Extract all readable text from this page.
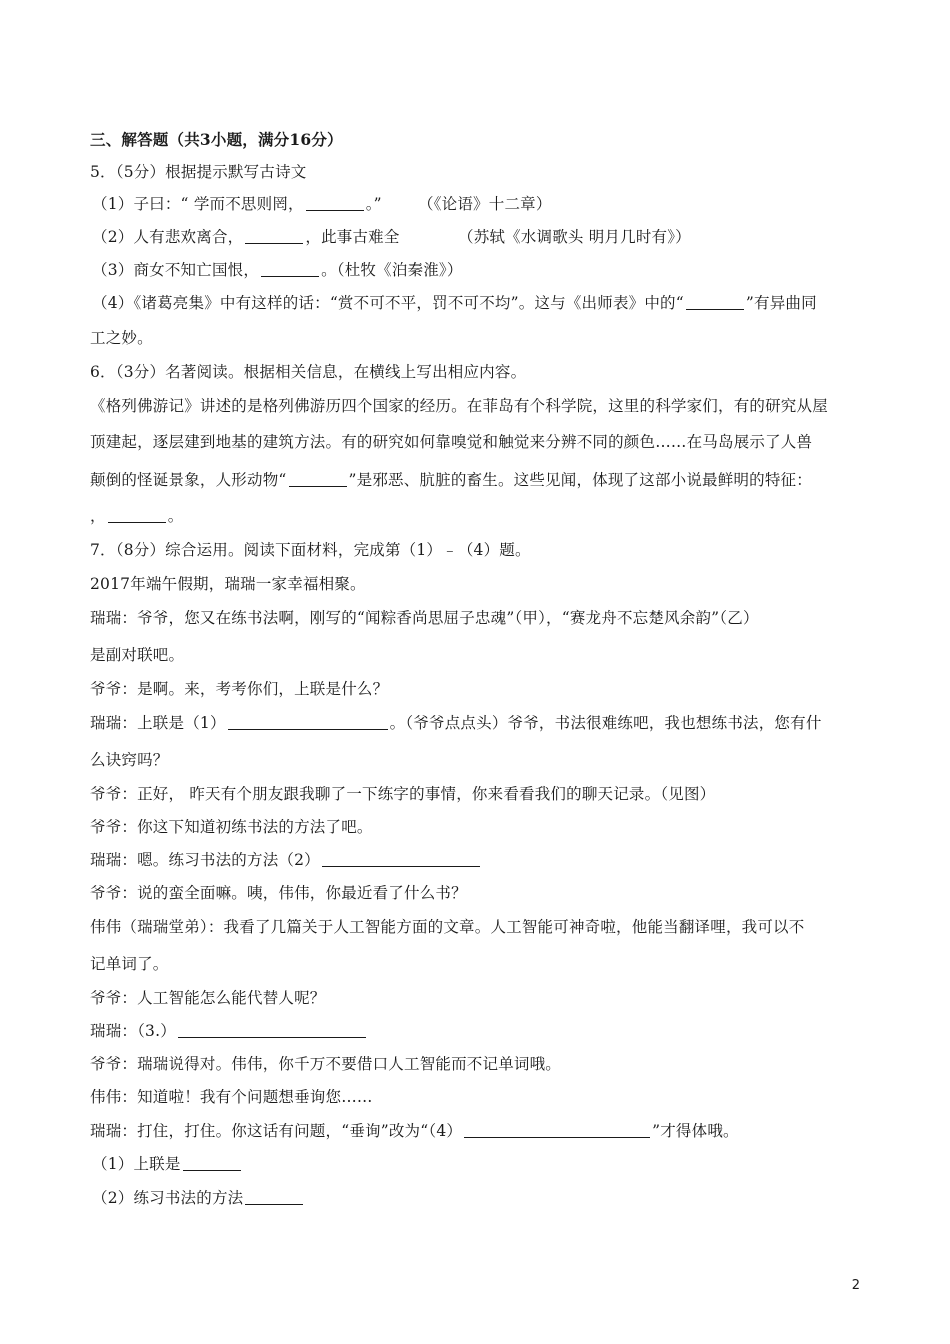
三、解答题（共3小题，满分16分）
5．（5分）根据提示默写古诗文
（1）子曰：“ 学而不思则罔，	。” （《论语》十二章）
（2）人有悲欢离合，	，此事古难全	（苏轼《水调歌头 明月几时有》）
（3）商女不知亡国恨，	。（杜牧《泊秦淮》）
（4）《诸葛亮集》中有这样的话：“赏不可不平，罚不可不均”。这与《出师表》中的“	”有异曲同
工之妙。
6．（3分）名著阅读。根据相关信息，在横线上写出相应内容。
《格列佛游记》讲述的是格列佛游历四个国家的经历。在菲岛有个科学院，这里的科学家们，有的研究从屋
顶建起，逐层建到地基的建筑方法。有的研究如何靠嗅觉和触觉来分辨不同的颜色……在马岛展示了人兽
颠倒的怪诞景象，人形动物“	”是邪恶、肮脏的畜生。这些见闻，体现了这部小说最鲜明的特征：
，	。
7．（8分）综合运用。阅读下面材料，完成第（1）﹣（4）题。
2017年端午假期，瑞瑞一家幸福相聚。
瑞瑞：爷爷，您又在练书法啊，刚写的“闻粽香尚思屈子忠魂”（甲），“赛龙舟不忘楚风余韵”（乙）
是副对联吧。
爷爷：是啊。来，考考你们，上联是什么？
瑞瑞：上联是（1）	。（爷爷点点头）爷爷，书法很难练吧，我也想练书法，您有什
么诀窍吗？
爷爷：正好， 昨天有个朋友跟我聊了一下练字的事情，你来看看我们的聊天记录。（见图）
爷爷：你这下知道初练书法的方法了吧。
瑞瑞：嗯。练习书法的方法（2）
爷爷：说的蛮全面嘛。咦，伟伟，你最近看了什么书？
伟伟（瑞瑞堂弟）：我看了几篇关于人工智能方面的文章。人工智能可神奇啦，他能当翻译哩，我可以不
记单词了。
爷爷：人工智能怎么能代替人呢？
瑞瑞：（3.）
爷爷：瑞瑞说得对。伟伟，你千万不要借口人工智能而不记单词哦。
伟伟：知道啦！我有个问题想垂询您……
瑞瑞：打住，打住。你这话有问题，“垂询”改为“（4）	”才得体哦。
（1）上联是
（2）练习书法的方法
2
